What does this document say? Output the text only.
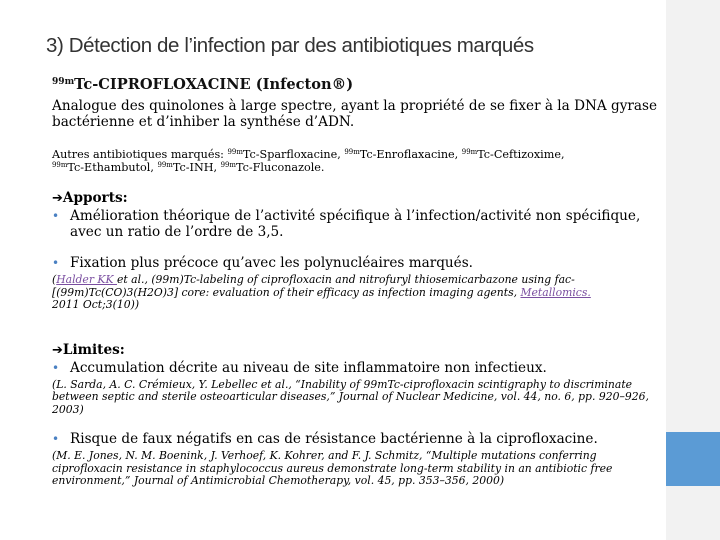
3) Détection de l’infection par des antibiotiques marqués
$^{99m}$Tc-CIPROFLOXACINE (Infecton®)
Analogue des quinolones à large spectre, ayant la propriété de se fixer à la DNA gyrase bactérienne et d’inhiber la synthése d’ADN.
Autres antibiotiques marqués: $^{99m}$Tc-Sparfloxacine, $^{99m}$Tc-Enroflaxacine, $^{99m}$Tc-Ceftizoxime,
$^{99m}$Tc-Ethambutol, $^{99m}$Tc-INH, $^{99m}$Tc-Fluconazole.
➔Apports:
• Amélioration théorique de l’activité spécifique à l’infection/activité non spécifique, avec un ratio de l’ordre de 3,5.
• Fixation plus précoce qu’avec les polynucléaires marqués.
(Halder KK et al., (99m)Tc-labeling of ciprofloxacin and nitrofuryl thiosemicarbazone using fac-[(99m)Tc(CO)3(H2O)3] core: evaluation of their efficacy as infection imaging agents, Metallomics.
2011 Oct;3(10))
➔Limites:
• Accumulation décrite au niveau de site inflammatoire non infectieux.
(L. Sarda, A. C. Crémieux, Y. Lebellec et al., “Inability of 99mTc-ciprofloxacin scintigraphy to discriminate between septic and sterile osteoarticular diseases,” Journal of Nuclear Medicine, vol. 44, no. 6, pp. 920–926, 2003)
• Risque de faux négatifs en cas de résistance bactérienne à la ciprofloxacine.
(M. E. Jones, N. M. Boenink, J. Verhoef, K. Kohrer, and F. J. Schmitz, “Multiple mutations conferring ciprofloxacin resistance in staphylococcus aureus demonstrate long-term stability in an antibiotic free environment,” Journal of Antimicrobial Chemotherapy, vol. 45, pp. 353–356, 2000)
